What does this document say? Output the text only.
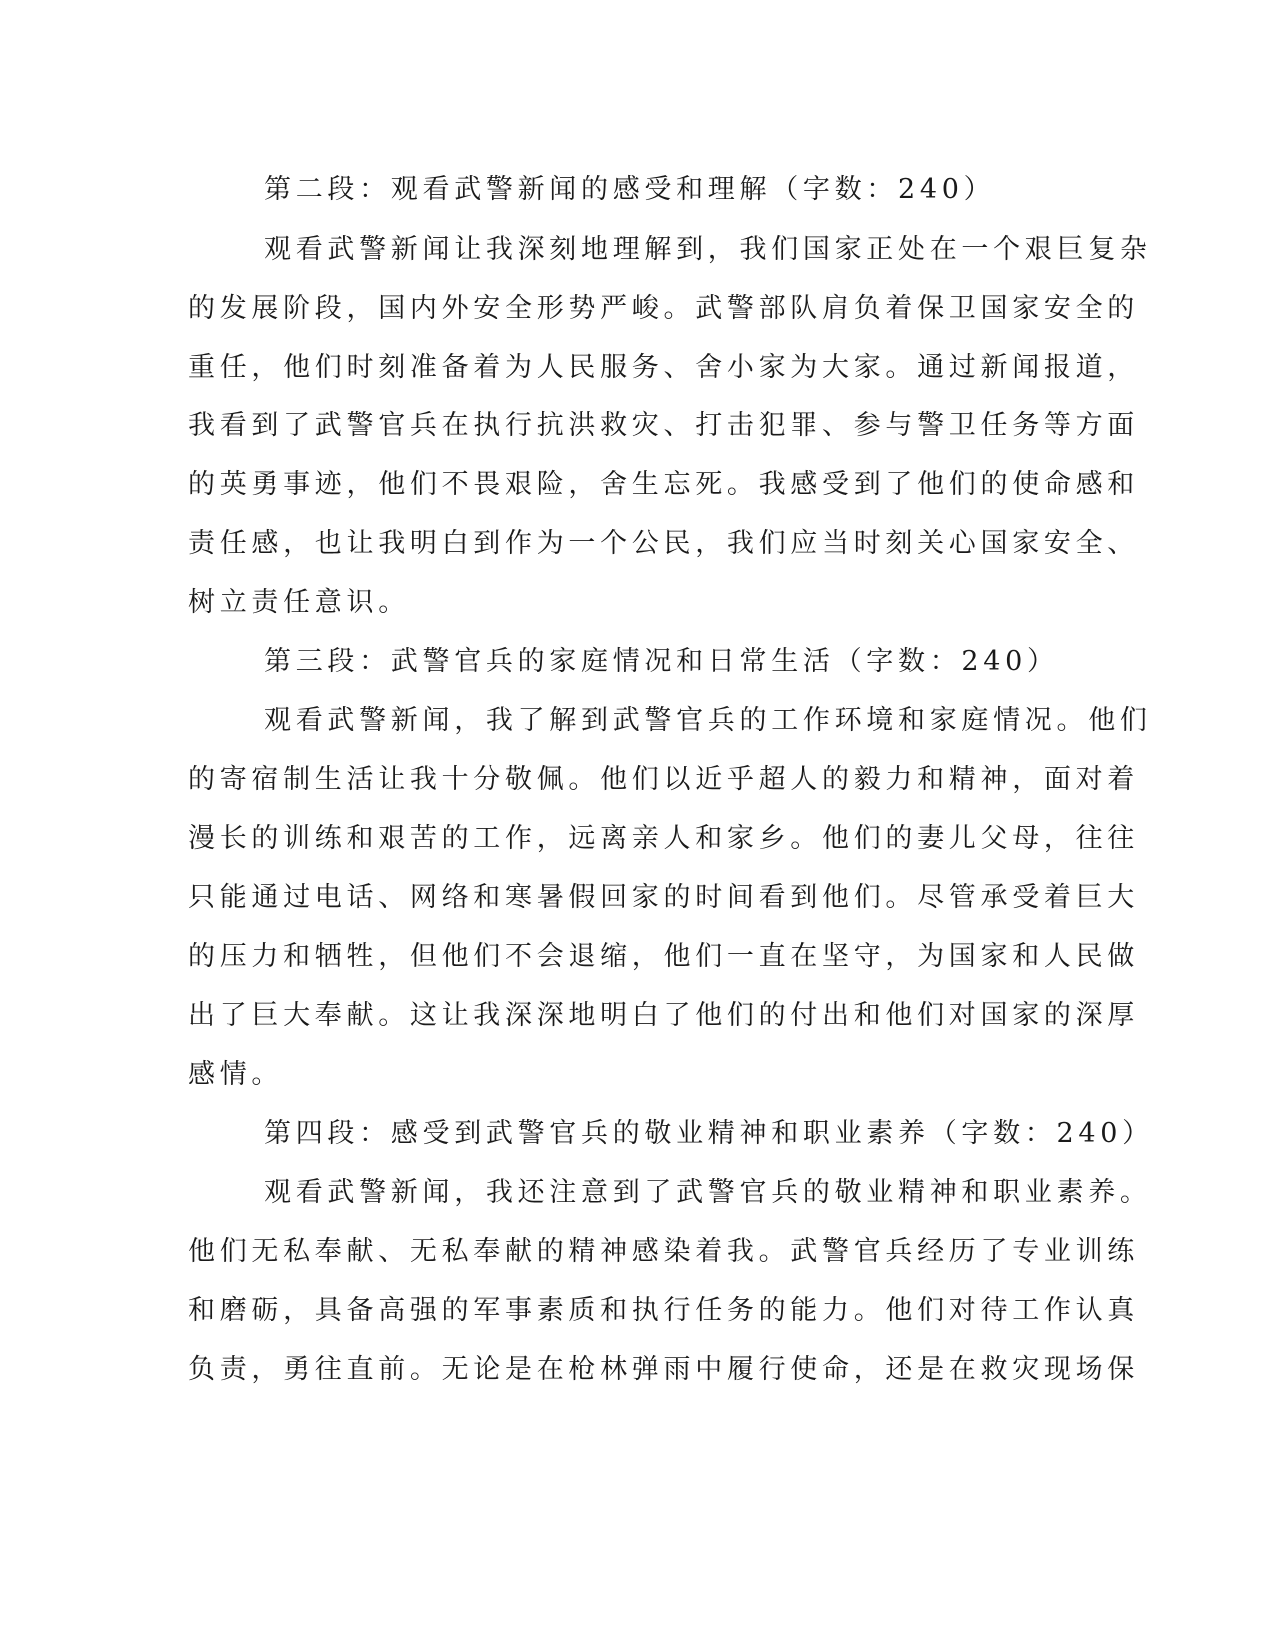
第二段：观看武警新闻的感受和理解（字数：240）
观看武警新闻让我深刻地理解到，我们国家正处在一个艰巨复杂
的发展阶段，国内外安全形势严峻。武警部队肩负着保卫国家安全的
重任，他们时刻准备着为人民服务、舍小家为大家。通过新闻报道，
我看到了武警官兵在执行抗洪救灾、打击犯罪、参与警卫任务等方面
的英勇事迹，他们不畏艰险，舍生忘死。我感受到了他们的使命感和
责任感，也让我明白到作为一个公民，我们应当时刻关心国家安全、
树立责任意识。
第三段：武警官兵的家庭情况和日常生活（字数：240）
观看武警新闻，我了解到武警官兵的工作环境和家庭情况。他们
的寄宿制生活让我十分敬佩。他们以近乎超人的毅力和精神，面对着
漫长的训练和艰苦的工作，远离亲人和家乡。他们的妻儿父母，往往
只能通过电话、网络和寒暑假回家的时间看到他们。尽管承受着巨大
的压力和牺牲，但他们不会退缩，他们一直在坚守，为国家和人民做
出了巨大奉献。这让我深深地明白了他们的付出和他们对国家的深厚
感情。
第四段：感受到武警官兵的敬业精神和职业素养（字数：240）
观看武警新闻，我还注意到了武警官兵的敬业精神和职业素养。
他们无私奉献、无私奉献的精神感染着我。武警官兵经历了专业训练
和磨砺，具备高强的军事素质和执行任务的能力。他们对待工作认真
负责，勇往直前。无论是在枪林弹雨中履行使命，还是在救灾现场保
